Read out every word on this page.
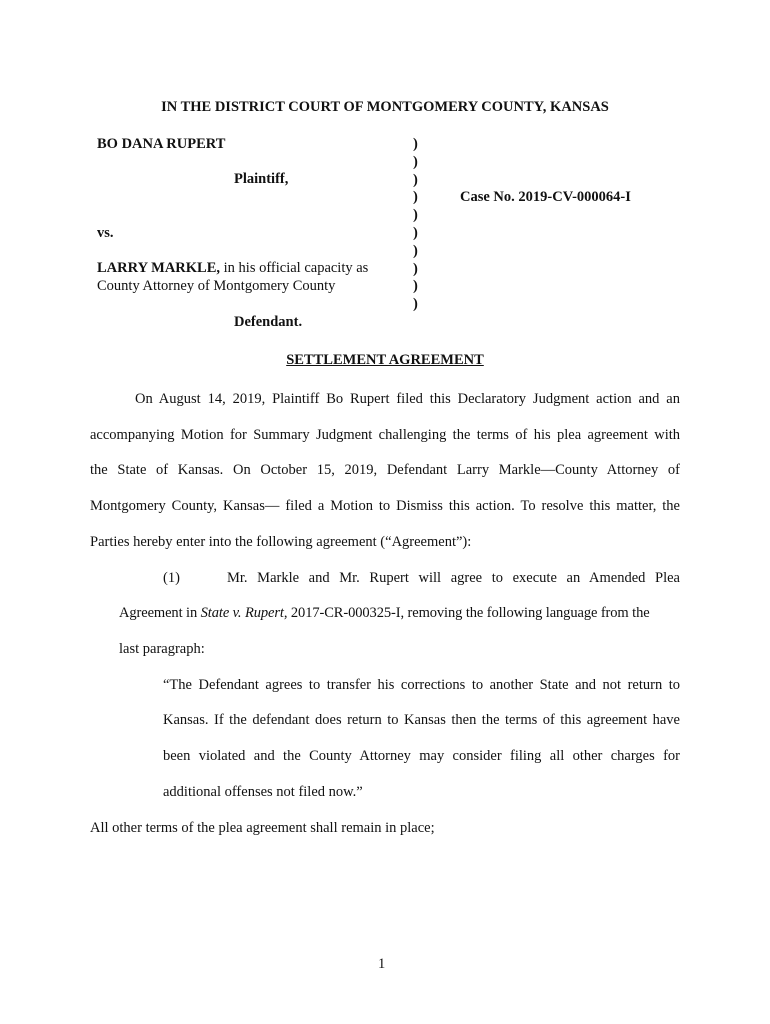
IN THE DISTRICT COURT OF MONTGOMERY COUNTY, KANSAS
BO DANA RUPERT
Plaintiff,
vs.
LARRY MARKLE, in his official capacity as
County Attorney of Montgomery County
Defendant.
)
)
)
)
)
)
)
)
)
)
Case No. 2019-CV-000064-I
SETTLEMENT AGREEMENT
On August 14, 2019, Plaintiff Bo Rupert filed this Declaratory Judgment action and an
accompanying Motion for Summary Judgment challenging the terms of his plea agreement with
the State of Kansas. On October 15, 2019, Defendant Larry Markle—County Attorney of
Montgomery County, Kansas— filed a Motion to Dismiss this action. To resolve this matter, the
Parties hereby enter into the following agreement (“Agreement”):
(1)	Mr. Markle and Mr. Rupert will agree to execute an Amended Plea
Agreement in State v. Rupert, 2017-CR-000325-I, removing the following language from the
last paragraph:
“The Defendant agrees to transfer his corrections to another State and not return to
Kansas. If the defendant does return to Kansas then the terms of this agreement have
been violated and the County Attorney may consider filing all other charges for
additional offenses not filed now.”
All other terms of the plea agreement shall remain in place;
1
